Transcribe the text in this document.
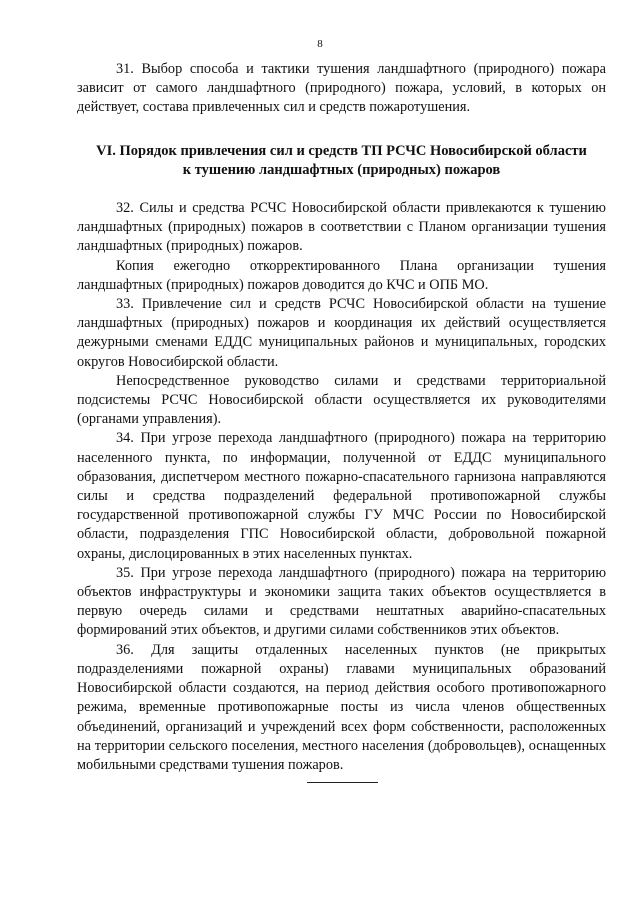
8

31. Выбор способа и тактики тушения ландшафтного (природного) пожара зависит от самого ландшафтного (природного) пожара, условий, в которых он действует, состава привлеченных сил и средств пожаротушения.

VI. Порядок привлечения сил и средств ТП РСЧС Новосибирской области
к тушению ландшафтных (природных) пожаров

32. Силы и средства РСЧС Новосибирской области привлекаются к тушению ландшафтных (природных) пожаров в соответствии с Планом организации тушения ландшафтных (природных) пожаров.

Копия ежегодно откорректированного Плана организации тушения ландшафтных (природных) пожаров доводится до КЧС и ОПБ МО.

33. Привлечение сил и средств РСЧС Новосибирской области на тушение ландшафтных (природных) пожаров и координация их действий осуществляется дежурными сменами ЕДДС муниципальных районов и муниципальных, городских округов Новосибирской области.

Непосредственное руководство силами и средствами территориальной подсистемы РСЧС Новосибирской области осуществляется их руководителями (органами управления).

34. При угрозе перехода ландшафтного (природного) пожара на территорию населенного пункта, по информации, полученной от ЕДДС муниципального образования, диспетчером местного пожарно-спасательного гарнизона направляются силы и средства подразделений федеральной противопожарной службы государственной противопожарной службы ГУ МЧС России по Новосибирской области, подразделения ГПС Новосибирской области, добровольной пожарной охраны, дислоцированных в этих населенных пунктах.

35. При угрозе перехода ландшафтного (природного) пожара на территорию объектов инфраструктуры и экономики защита таких объектов осуществляется в первую очередь силами и средствами нештатных аварийно-спасательных формирований этих объектов, и другими силами собственников этих объектов.

36. Для защиты отдаленных населенных пунктов (не прикрытых подразделениями пожарной охраны) главами муниципальных образований Новосибирской области создаются, на период действия особого противопожарного режима, временные противопожарные посты из числа членов общественных объединений, организаций и учреждений всех форм собственности, расположенных на территории сельского поселения, местного населения (добровольцев), оснащенных мобильными средствами тушения пожаров.
